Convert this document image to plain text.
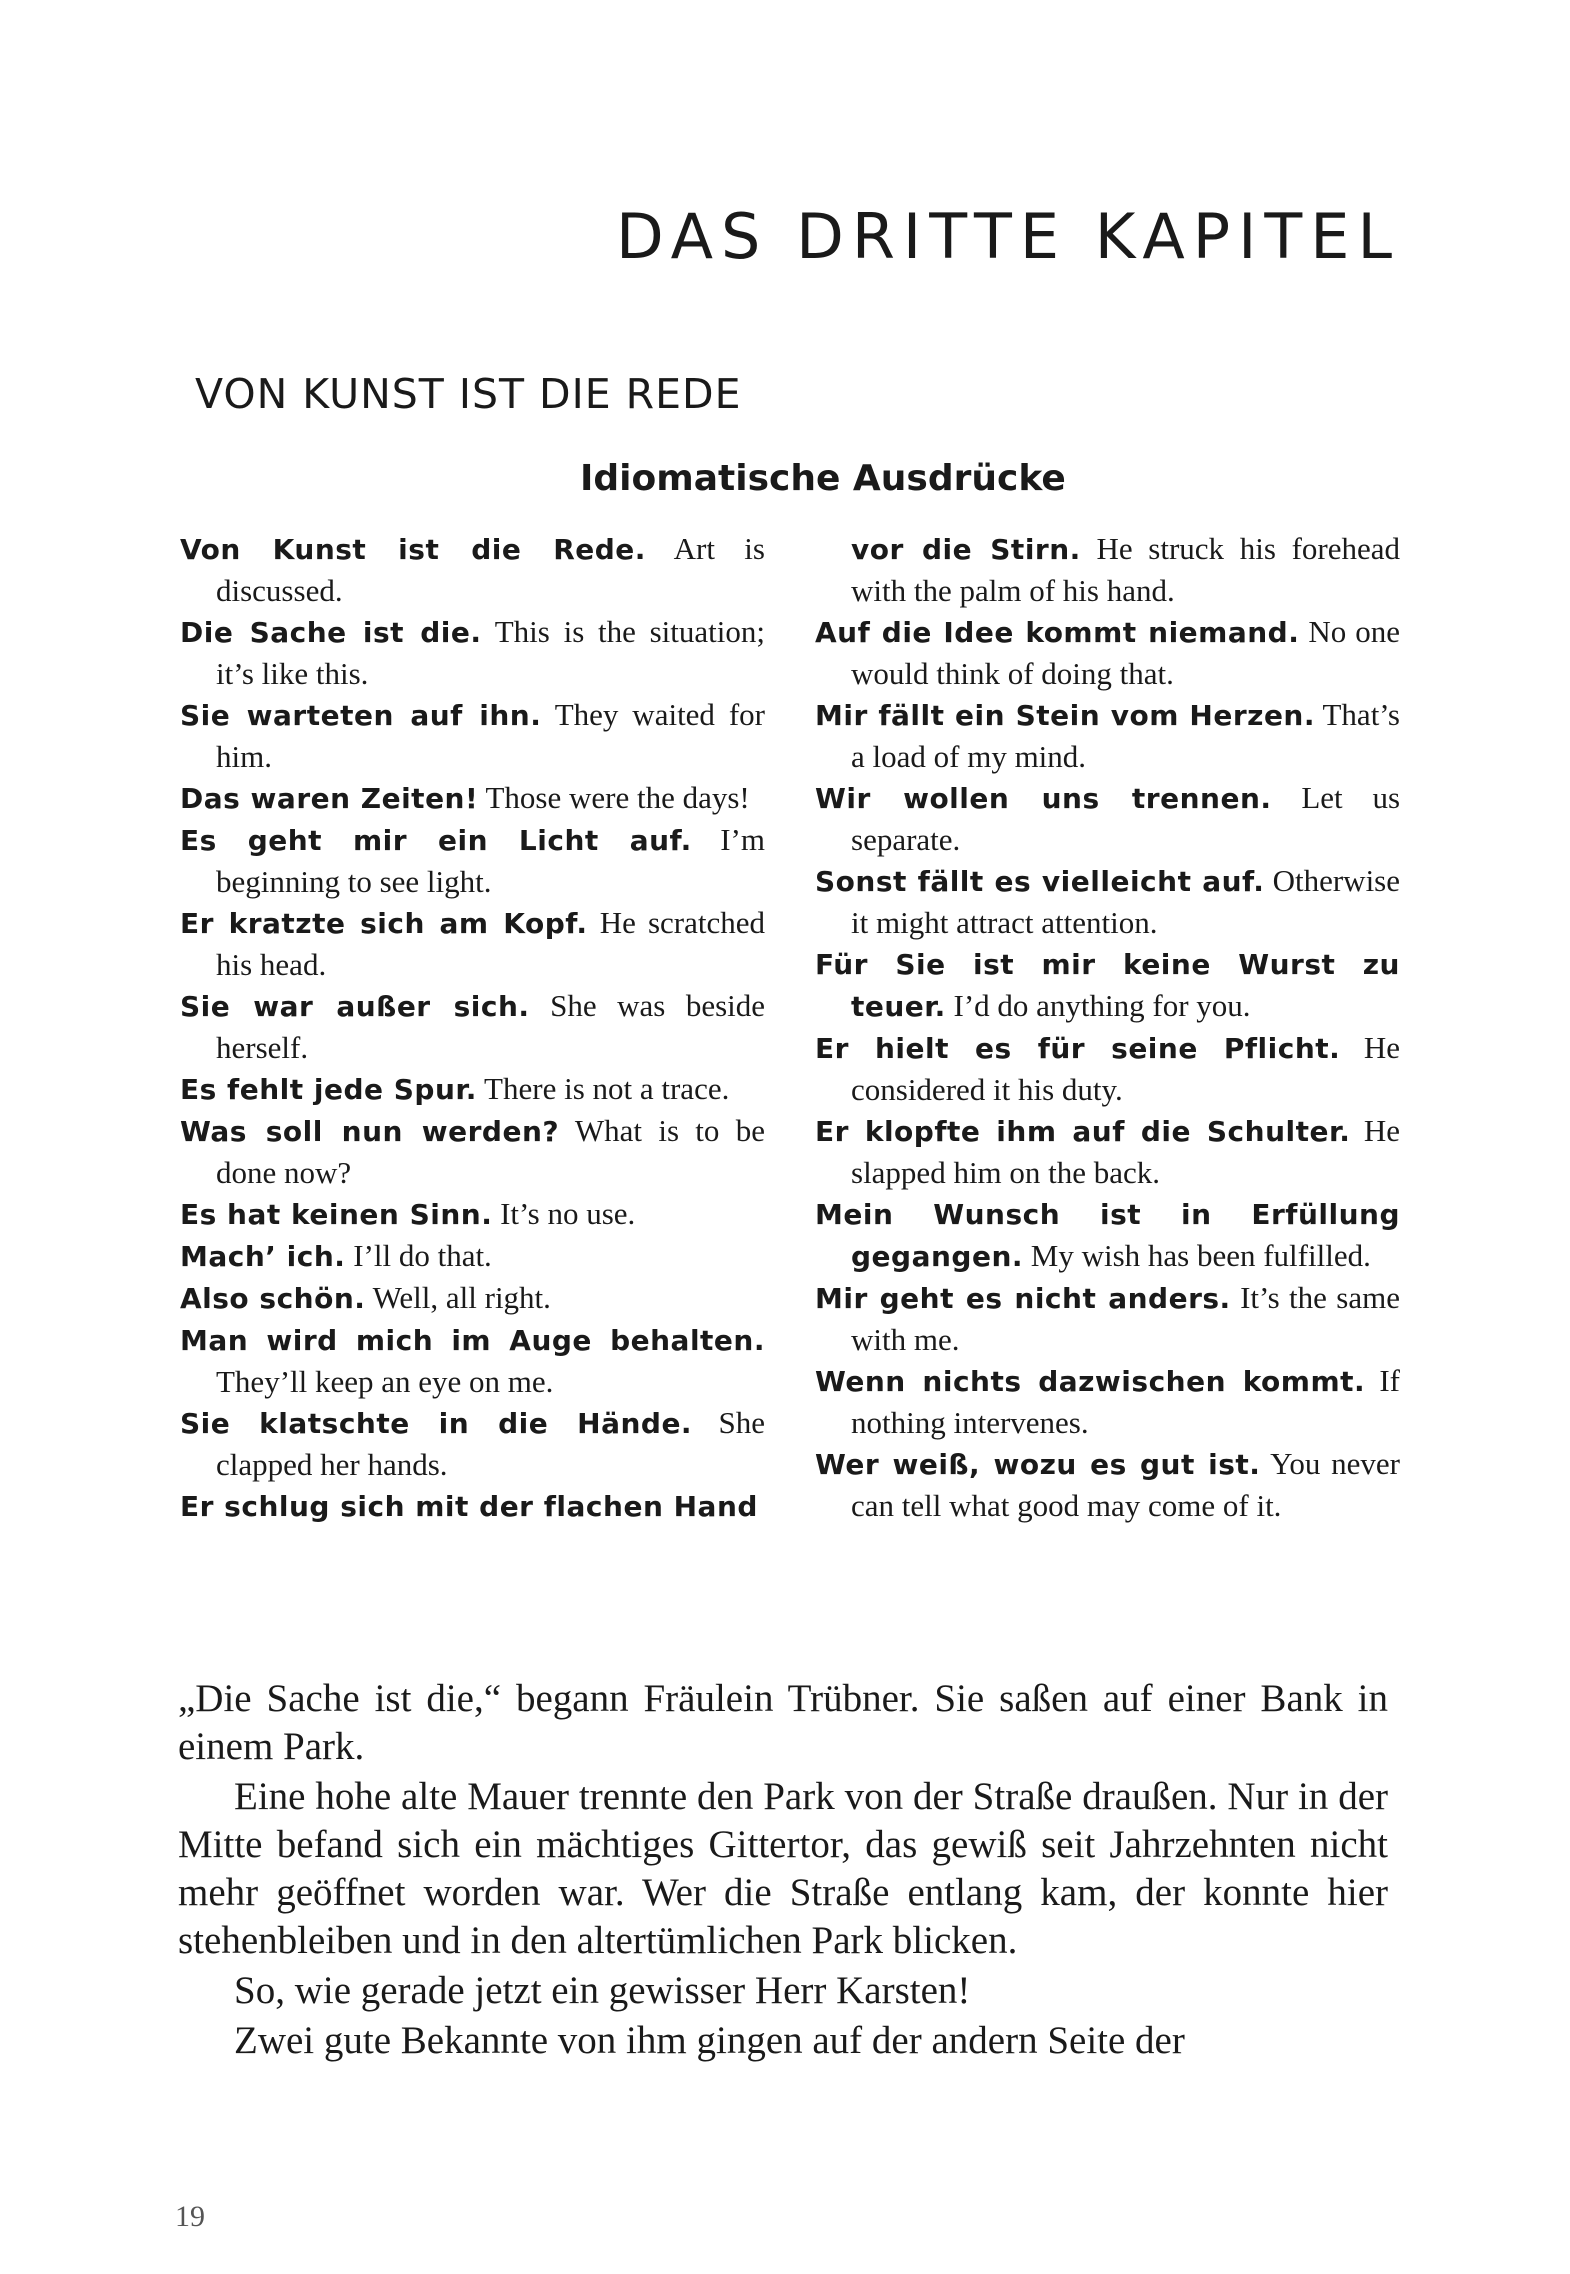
DAS DRITTE KAPITEL
VON KUNST IST DIE REDE
Idiomatische Ausdrücke

Von Kunst ist die Rede. Art is discussed.

Die Sache ist die. This is the situation; it’s like this.

Sie warteten auf ihn. They waited for him.

Das waren Zeiten! Those were the days!

Es geht mir ein Licht auf. I’m beginning to see light.

Er kratzte sich am Kopf. He scratched his head.

Sie war außer sich. She was beside herself.

Es fehlt jede Spur. There is not a trace.

Was soll nun werden? What is to be done now?

Es hat keinen Sinn. It’s no use.

Mach’ ich. I’ll do that.

Also schön. Well, all right.

Man wird mich im Auge behalten. They’ll keep an eye on me.

Sie klatschte in die Hände. She clapped her hands.

Er schlug sich mit der flachen Hand

vor die Stirn. He struck his forehead with the palm of his hand.

Auf die Idee kommt niemand. No one would think of doing that.

Mir fällt ein Stein vom Herzen. That’s a load of my mind.

Wir wollen uns trennen. Let us separate.

Sonst fällt es vielleicht auf. Otherwise it might attract attention.

Für Sie ist mir keine Wurst zu teuer. I’d do anything for you.

Er hielt es für seine Pflicht. He considered it his duty.

Er klopfte ihm auf die Schulter. He slapped him on the back.

Mein Wunsch ist in Erfüllung gegangen. My wish has been fulfilled.

Mir geht es nicht anders. It’s the same with me.

Wenn nichts dazwischen kommt. If nothing intervenes.

Wer weiß, wozu es gut ist. You never can tell what good may come of it.

„Die Sache ist die,“ begann Fräulein Trübner. Sie saßen auf einer Bank in einem Park.

Eine hohe alte Mauer trennte den Park von der Straße draußen. Nur in der Mitte befand sich ein mächtiges Gittertor, das gewiß seit Jahrzehnten nicht mehr geöffnet worden war. Wer die Straße entlang kam, der konnte hier stehenbleiben und in den altertümlichen Park blicken.

So, wie gerade jetzt ein gewisser Herr Karsten!

Zwei gute Bekannte von ihm gingen auf der andern Seite der

19
